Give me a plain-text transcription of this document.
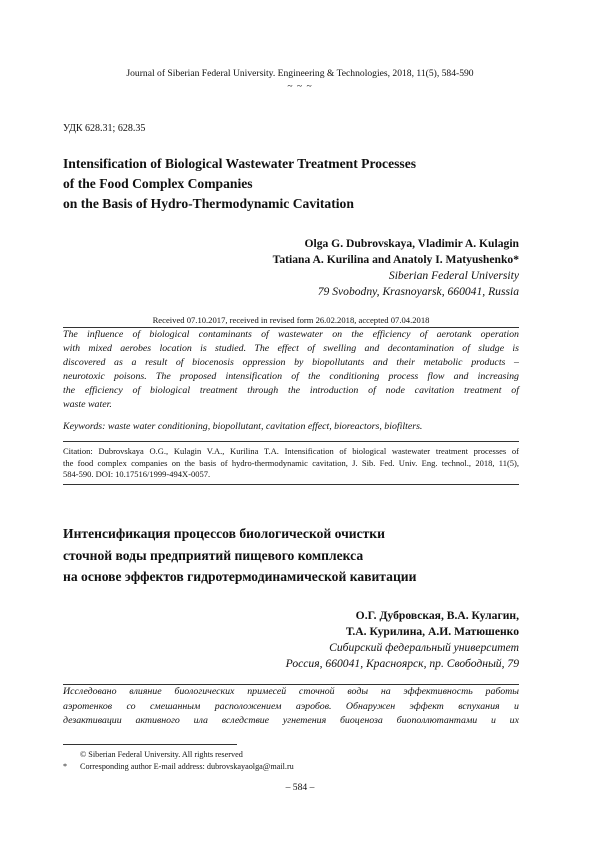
Journal of Siberian Federal University. Engineering & Technologies, 2018, 11(5), 584-590
~ ~ ~
УДК 628.31; 628.35
Intensification of Biological Wastewater Treatment Processes
of the Food Complex Companies
on the Basis of Hydro-Thermodynamic Cavitation
Olga G. Dubrovskaya, Vladimir A. Kulagin
Tatiana A. Kurilina and Anatoly I. Matyushenko*
Siberian Federal University
79 Svobodny, Krasnoyarsk, 660041, Russia
Received 07.10.2017, received in revised form 26.02.2018, accepted 07.04.2018
The influence of biological contaminants of wastewater on the efficiency of aerotank operation
with mixed aerobes location is studied. The effect of swelling and decontamination of sludge is
discovered as a result of biocenosis oppression by biopollutants and their metabolic products –
neurotoxic poisons. The proposed intensification of the conditioning process flow and increasing
the efficiency of biological treatment through the introduction of node cavitation treatment of
waste water.
Keywords: waste water conditioning, biopollutant, cavitation effect, bioreactors, biofilters.
Citation: Dubrovskaya O.G., Kulagin V.A., Kurilina T.A. Intensification of biological wastewater treatment processes of
the food complex companies on the basis of hydro-thermodynamic cavitation, J. Sib. Fed. Univ. Eng. technol., 2018, 11(5),
584-590. DOI: 10.17516/1999-494X-0057.
Интенсификация процессов биологической очистки
сточной воды предприятий пищевого комплекса
на основе эффектов гидротермодинамической кавитации
О.Г. Дубровская, В.А. Кулагин,
Т.А. Курилина, А.И. Матюшенко
Сибирский федеральный университет
Россия, 660041, Красноярск, пр. Свободный, 79
Исследовано влияние биологических примесей сточной воды на эффективность работы
аэротенков со смешанным расположением аэробов. Обнаружен эффект вспухания и
дезактивации активного ила вследствие угнетения биоценоза биополлютантами и их
© Siberian Federal University. All rights reserved
*	Corresponding author E-mail address: dubrovskayaolga@mail.ru
– 584 –
